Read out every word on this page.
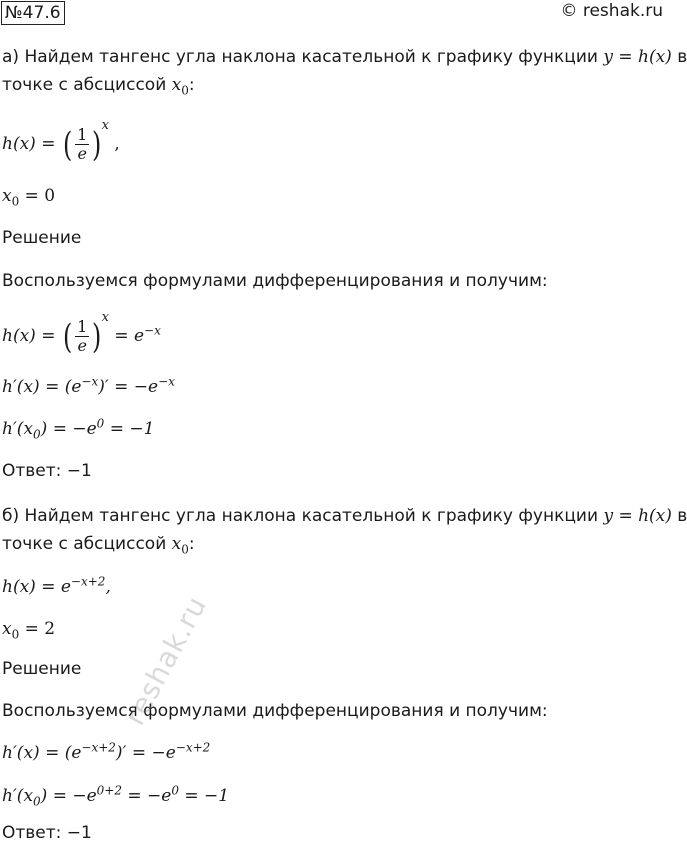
№47.6	© reshak.ru
а) Найдем тангенс угла наклона касательной к графику функции y = h(x) в
точке с абсциссой $x_0$:
h(x) = ( $\frac{1}{e}$ ) $^x$ ,
$x_0 = 0$
Решение
Воспользуемся формулами дифференцирования и получим:
h(x) = ( $\frac{1}{e}$ ) $^x = e^{-x}$
$h'(x) = (e^{-x})' = -e^{-x}$
$h'(x_0) = -e^0 = -1$
Ответ: −1
б) Найдем тангенс угла наклона касательной к графику функции y = h(x) в
точке с абсциссой $x_0$:
$h(x) = e^{-x+2}$,
$x_0 = 2$
Решение
Воспользуемся формулами дифференцирования и получим:
$h'(x) = (e^{-x+2})' = -e^{-x+2}$
$h'(x_0) = -e^{0+2} = -e^0 = -1$
Ответ: −1
reshak.ru
